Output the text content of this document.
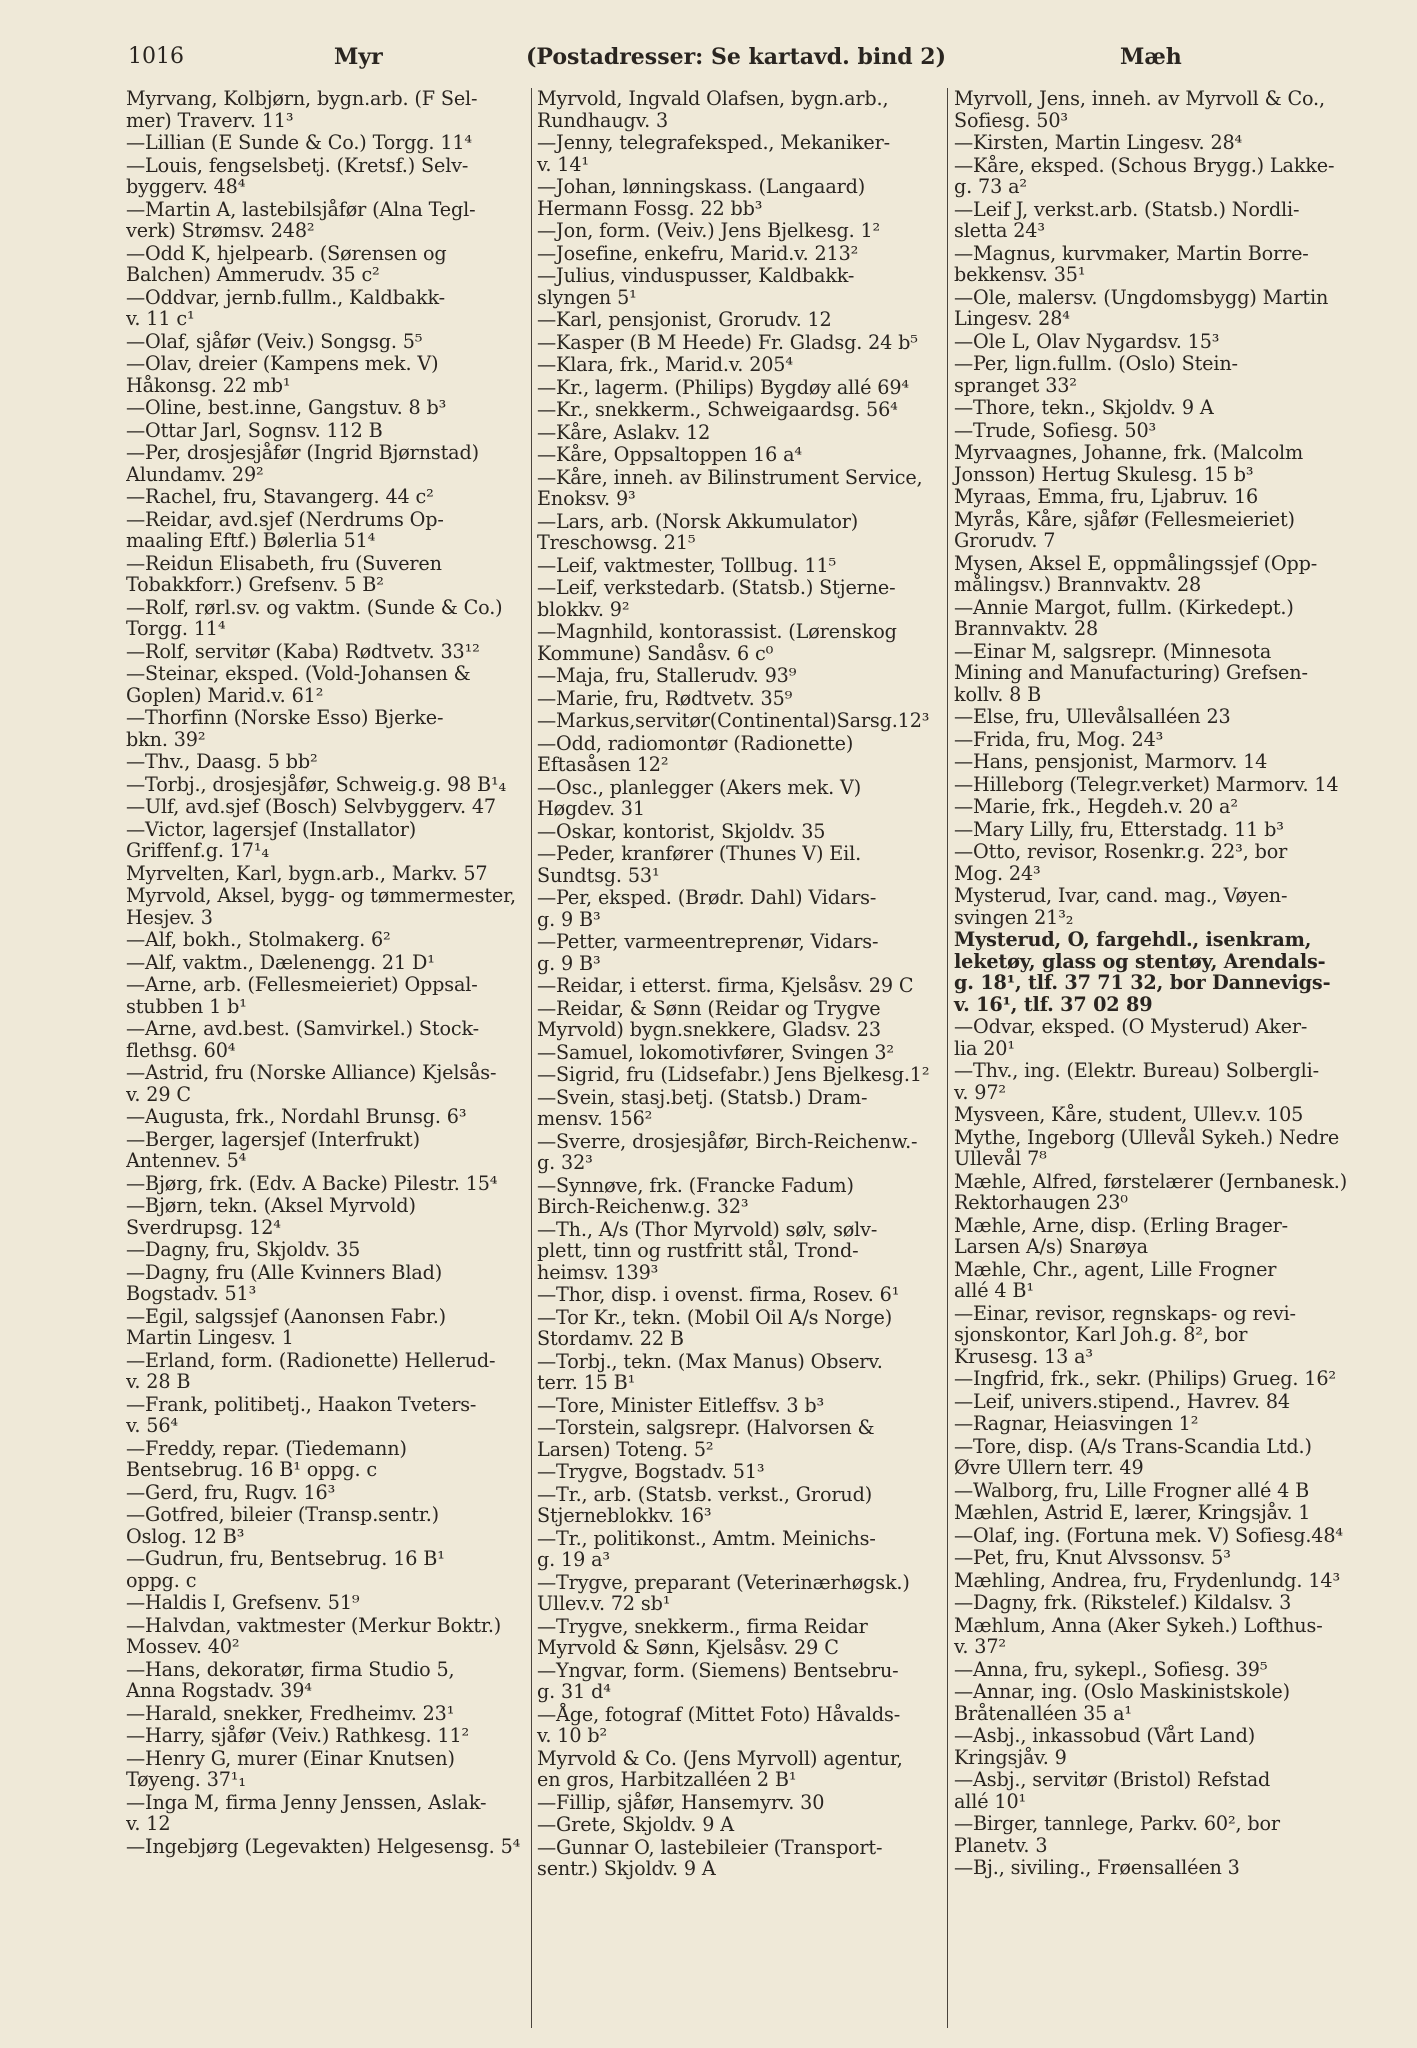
1016	Myr	(Postadresser: Se kartavd. bind 2)	Mæh

Myrvang, Kolbjørn, bygn.arb. (F Sel-
mer) Traverv. 11³

—Lillian (E Sunde & Co.) Torgg. 11⁴

—Louis, fengselsbetj. (Kretsf.) Selv-
byggerv. 48⁴

—Martin A, lastebilsjåfør (Alna Tegl-
verk) Strømsv. 248²

—Odd K, hjelpearb. (Sørensen og
Balchen) Ammerudv. 35 c²

—Oddvar, jernb.fullm., Kaldbakk-
v. 11 c¹

—Olaf, sjåfør (Veiv.) Songsg. 5⁵

—Olav, dreier (Kampens mek. V)
Håkonsg. 22 mb¹

—Oline, best.inne, Gangstuv. 8 b³

—Ottar Jarl, Sognsv. 112 B

—Per, drosjesjåfør (Ingrid Bjørnstad)
Alundamv. 29²

—Rachel, fru, Stavangerg. 44 c²

—Reidar, avd.sjef (Nerdrums Op-
maaling Eftf.) Bølerlia 51⁴

—Reidun Elisabeth, fru (Suveren
Tobakkforr.) Grefsenv. 5 B²

—Rolf, rørl.sv. og vaktm. (Sunde & Co.)
Torgg. 11⁴

—Rolf, servitør (Kaba) Rødtvetv. 33¹²

—Steinar, eksped. (Vold-Johansen &
Goplen) Marid.v. 61²

—Thorfinn (Norske Esso) Bjerke-
bkn. 39²

—Thv., Daasg. 5 bb²

—Torbj., drosjesjåfør, Schweig.g. 98 B¹₄

—Ulf, avd.sjef (Bosch) Selvbyggerv. 47

—Victor, lagersjef (Installator)
Griffenf.g. 17¹₄

Myrvelten, Karl, bygn.arb., Markv. 57

Myrvold, Aksel, bygg- og tømmermester,
Hesjev. 3

—Alf, bokh., Stolmakerg. 6²

—Alf, vaktm., Dælenengg. 21 D¹

—Arne, arb. (Fellesmeieriet) Oppsal-
stubben 1 b¹

—Arne, avd.best. (Samvirkel.) Stock-
flethsg. 60⁴

—Astrid, fru (Norske Alliance) Kjelsås-
v. 29 C

—Augusta, frk., Nordahl Brunsg. 6³

—Berger, lagersjef (Interfrukt)
Antennev. 5⁴

—Bjørg, frk. (Edv. A Backe) Pilestr. 15⁴

—Bjørn, tekn. (Aksel Myrvold)
Sverdrupsg. 12⁴

—Dagny, fru, Skjoldv. 35

—Dagny, fru (Alle Kvinners Blad)
Bogstadv. 51³

—Egil, salgssjef (Aanonsen Fabr.)
Martin Lingesv. 1

—Erland, form. (Radionette) Hellerud-
v. 28 B

—Frank, politibetj., Haakon Tveters-
v. 56⁴

—Freddy, repar. (Tiedemann)
Bentsebrug. 16 B¹ oppg. c

—Gerd, fru, Rugv. 16³

—Gotfred, bileier (Transp.sentr.)
Oslog. 12 B³

—Gudrun, fru, Bentsebrug. 16 B¹
oppg. c

—Haldis I, Grefsenv. 51⁹

—Halvdan, vaktmester (Merkur Boktr.)
Mossev. 40²

—Hans, dekoratør, firma Studio 5,
Anna Rogstadv. 39⁴

—Harald, snekker, Fredheimv. 23¹

—Harry, sjåfør (Veiv.) Rathkesg. 11²

—Henry G, murer (Einar Knutsen)
Tøyeng. 37¹₁

—Inga M, firma Jenny Jenssen, Aslak-
v. 12

—Ingebjørg (Legevakten) Helgesensg. 5⁴

Myrvold, Ingvald Olafsen, bygn.arb.,
Rundhaugv. 3

—Jenny, telegrafeksped., Mekaniker-
v. 14¹

—Johan, lønningskass. (Langaard)
Hermann Fossg. 22 bb³

—Jon, form. (Veiv.) Jens Bjelkesg. 1²

—Josefine, enkefru, Marid.v. 213²

—Julius, vinduspusser, Kaldbakk-
slyngen 5¹

—Karl, pensjonist, Grorudv. 12

—Kasper (B M Heede) Fr. Gladsg. 24 b⁵

—Klara, frk., Marid.v. 205⁴

—Kr., lagerm. (Philips) Bygdøy allé 69⁴

—Kr., snekkerm., Schweigaardsg. 56⁴

—Kåre, Aslakv. 12

—Kåre, Oppsaltoppen 16 a⁴

—Kåre, inneh. av Bilinstrument Service,
Enoksv. 9³

—Lars, arb. (Norsk Akkumulator)
Treschowsg. 21⁵

—Leif, vaktmester, Tollbug. 11⁵

—Leif, verkstedarb. (Statsb.) Stjerne-
blokkv. 9²

—Magnhild, kontorassist. (Lørenskog
Kommune) Sandåsv. 6 c⁰

—Maja, fru, Stallerudv. 93⁹

—Marie, fru, Rødtvetv. 35⁹

—Markus,servitør(Continental)Sarsg.12³

—Odd, radiomontør (Radionette)
Eftasåsen 12²

—Osc., planlegger (Akers mek. V)
Høgdev. 31

—Oskar, kontorist, Skjoldv. 35

—Peder, kranfører (Thunes V) Eil.
Sundtsg. 53¹

—Per, eksped. (Brødr. Dahl) Vidars-
g. 9 B³

—Petter, varmeentreprenør, Vidars-
g. 9 B³

—Reidar, i etterst. firma, Kjelsåsv. 29 C

—Reidar, & Sønn (Reidar og Trygve
Myrvold) bygn.snekkere, Gladsv. 23

—Samuel, lokomotivfører, Svingen 3²

—Sigrid, fru (Lidsefabr.) Jens Bjelkesg.1²

—Svein, stasj.betj. (Statsb.) Dram-
mensv. 156²

—Sverre, drosjesjåfør, Birch-Reichenw.-
g. 32³

—Synnøve, frk. (Francke Fadum)
Birch-Reichenw.g. 32³

—Th., A/s (Thor Myrvold) sølv, sølv-
plett, tinn og rustfritt stål, Trond-
heimsv. 139³

—Thor, disp. i ovenst. firma, Rosev. 6¹

—Tor Kr., tekn. (Mobil Oil A/s Norge)
Stordamv. 22 B

—Torbj., tekn. (Max Manus) Observ.
terr. 15 B¹

—Tore, Minister Eitleffsv. 3 b³

—Torstein, salgsrepr. (Halvorsen &
Larsen) Toteng. 5²

—Trygve, Bogstadv. 51³

—Tr., arb. (Statsb. verkst., Grorud)
Stjerneblokkv. 16³

—Tr., politikonst., Amtm. Meinichs-
g. 19 a³

—Trygve, preparant (Veterinærhøgsk.)
Ullev.v. 72 sb¹

—Trygve, snekkerm., firma Reidar
Myrvold & Sønn, Kjelsåsv. 29 C

—Yngvar, form. (Siemens) Bentsebru-
g. 31 d⁴

—Åge, fotograf (Mittet Foto) Håvalds-
v. 10 b²

Myrvold & Co. (Jens Myrvoll) agentur,
en gros, Harbitzalléen 2 B¹

—Fillip, sjåfør, Hansemyrv. 30

—Grete, Skjoldv. 9 A

—Gunnar O, lastebileier (Transport-
sentr.) Skjoldv. 9 A

Myrvoll, Jens, inneh. av Myrvoll & Co.,
Sofiesg. 50³

—Kirsten, Martin Lingesv. 28⁴

—Kåre, eksped. (Schous Brygg.) Lakke-
g. 73 a²

—Leif J, verkst.arb. (Statsb.) Nordli-
sletta 24³

—Magnus, kurvmaker, Martin Borre-
bekkensv. 35¹

—Ole, malersv. (Ungdomsbygg) Martin
Lingesv. 28⁴

—Ole L, Olav Nygardsv. 15³

—Per, lign.fullm. (Oslo) Stein-
spranget 33²

—Thore, tekn., Skjoldv. 9 A

—Trude, Sofiesg. 50³

Myrvaagnes, Johanne, frk. (Malcolm
Jonsson) Hertug Skulesg. 15 b³

Myraas, Emma, fru, Ljabruv. 16

Myrås, Kåre, sjåfør (Fellesmeieriet)
Grorudv. 7

Mysen, Aksel E, oppmålingssjef (Opp-
målingsv.) Brannvaktv. 28

—Annie Margot, fullm. (Kirkedept.)
Brannvaktv. 28

—Einar M, salgsrepr. (Minnesota
Mining and Manufacturing) Grefsen-
kollv. 8 B

—Else, fru, Ullevålsalléen 23

—Frida, fru, Mog. 24³

—Hans, pensjonist, Marmorv. 14

—Hilleborg (Telegr.verket) Marmorv. 14

—Marie, frk., Hegdeh.v. 20 a²

—Mary Lilly, fru, Etterstadg. 11 b³

—Otto, revisor, Rosenkr.g. 22³, bor
Mog. 24³

Mysterud, Ivar, cand. mag., Vøyen-
svingen 21³₂

Mysterud, O, fargehdl., isenkram,
leketøy, glass og stentøy, Arendals-
g. 18¹, tlf. 37 71 32, bor Dannevigs-
v. 16¹, tlf. 37 02 89

—Odvar, eksped. (O Mysterud) Aker-
lia 20¹

—Thv., ing. (Elektr. Bureau) Solbergli-
v. 97²

Mysveen, Kåre, student, Ullev.v. 105

Mythe, Ingeborg (Ullevål Sykeh.) Nedre
Ullevål 7⁸

Mæhle, Alfred, førstelærer (Jernbanesk.)
Rektorhaugen 23⁰

Mæhle, Arne, disp. (Erling Brager-
Larsen A/s) Snarøya

Mæhle, Chr., agent, Lille Frogner
allé 4 B¹

—Einar, revisor, regnskaps- og revi-
sjonskontor, Karl Joh.g. 8², bor
Krusesg. 13 a³

—Ingfrid, frk., sekr. (Philips) Grueg. 16²

—Leif, univers.stipend., Havrev. 84

—Ragnar, Heiasvingen 1²

—Tore, disp. (A/s Trans-Scandia Ltd.)
Øvre Ullern terr. 49

—Walborg, fru, Lille Frogner allé 4 B

Mæhlen, Astrid E, lærer, Kringsjåv. 1

—Olaf, ing. (Fortuna mek. V) Sofiesg.48⁴

—Pet, fru, Knut Alvssonsv. 5³

Mæhling, Andrea, fru, Frydenlundg. 14³

—Dagny, frk. (Rikstelef.) Kildalsv. 3

Mæhlum, Anna (Aker Sykeh.) Lofthus-
v. 37²

—Anna, fru, sykepl., Sofiesg. 39⁵

—Annar, ing. (Oslo Maskinistskole)
Bråtenalléen 35 a¹

—Asbj., inkassobud (Vårt Land)
Kringsjåv. 9

—Asbj., servitør (Bristol) Refstad
allé 10¹

—Birger, tannlege, Parkv. 60², bor
Planetv. 3

—Bj., siviling., Frøensalléen 3
